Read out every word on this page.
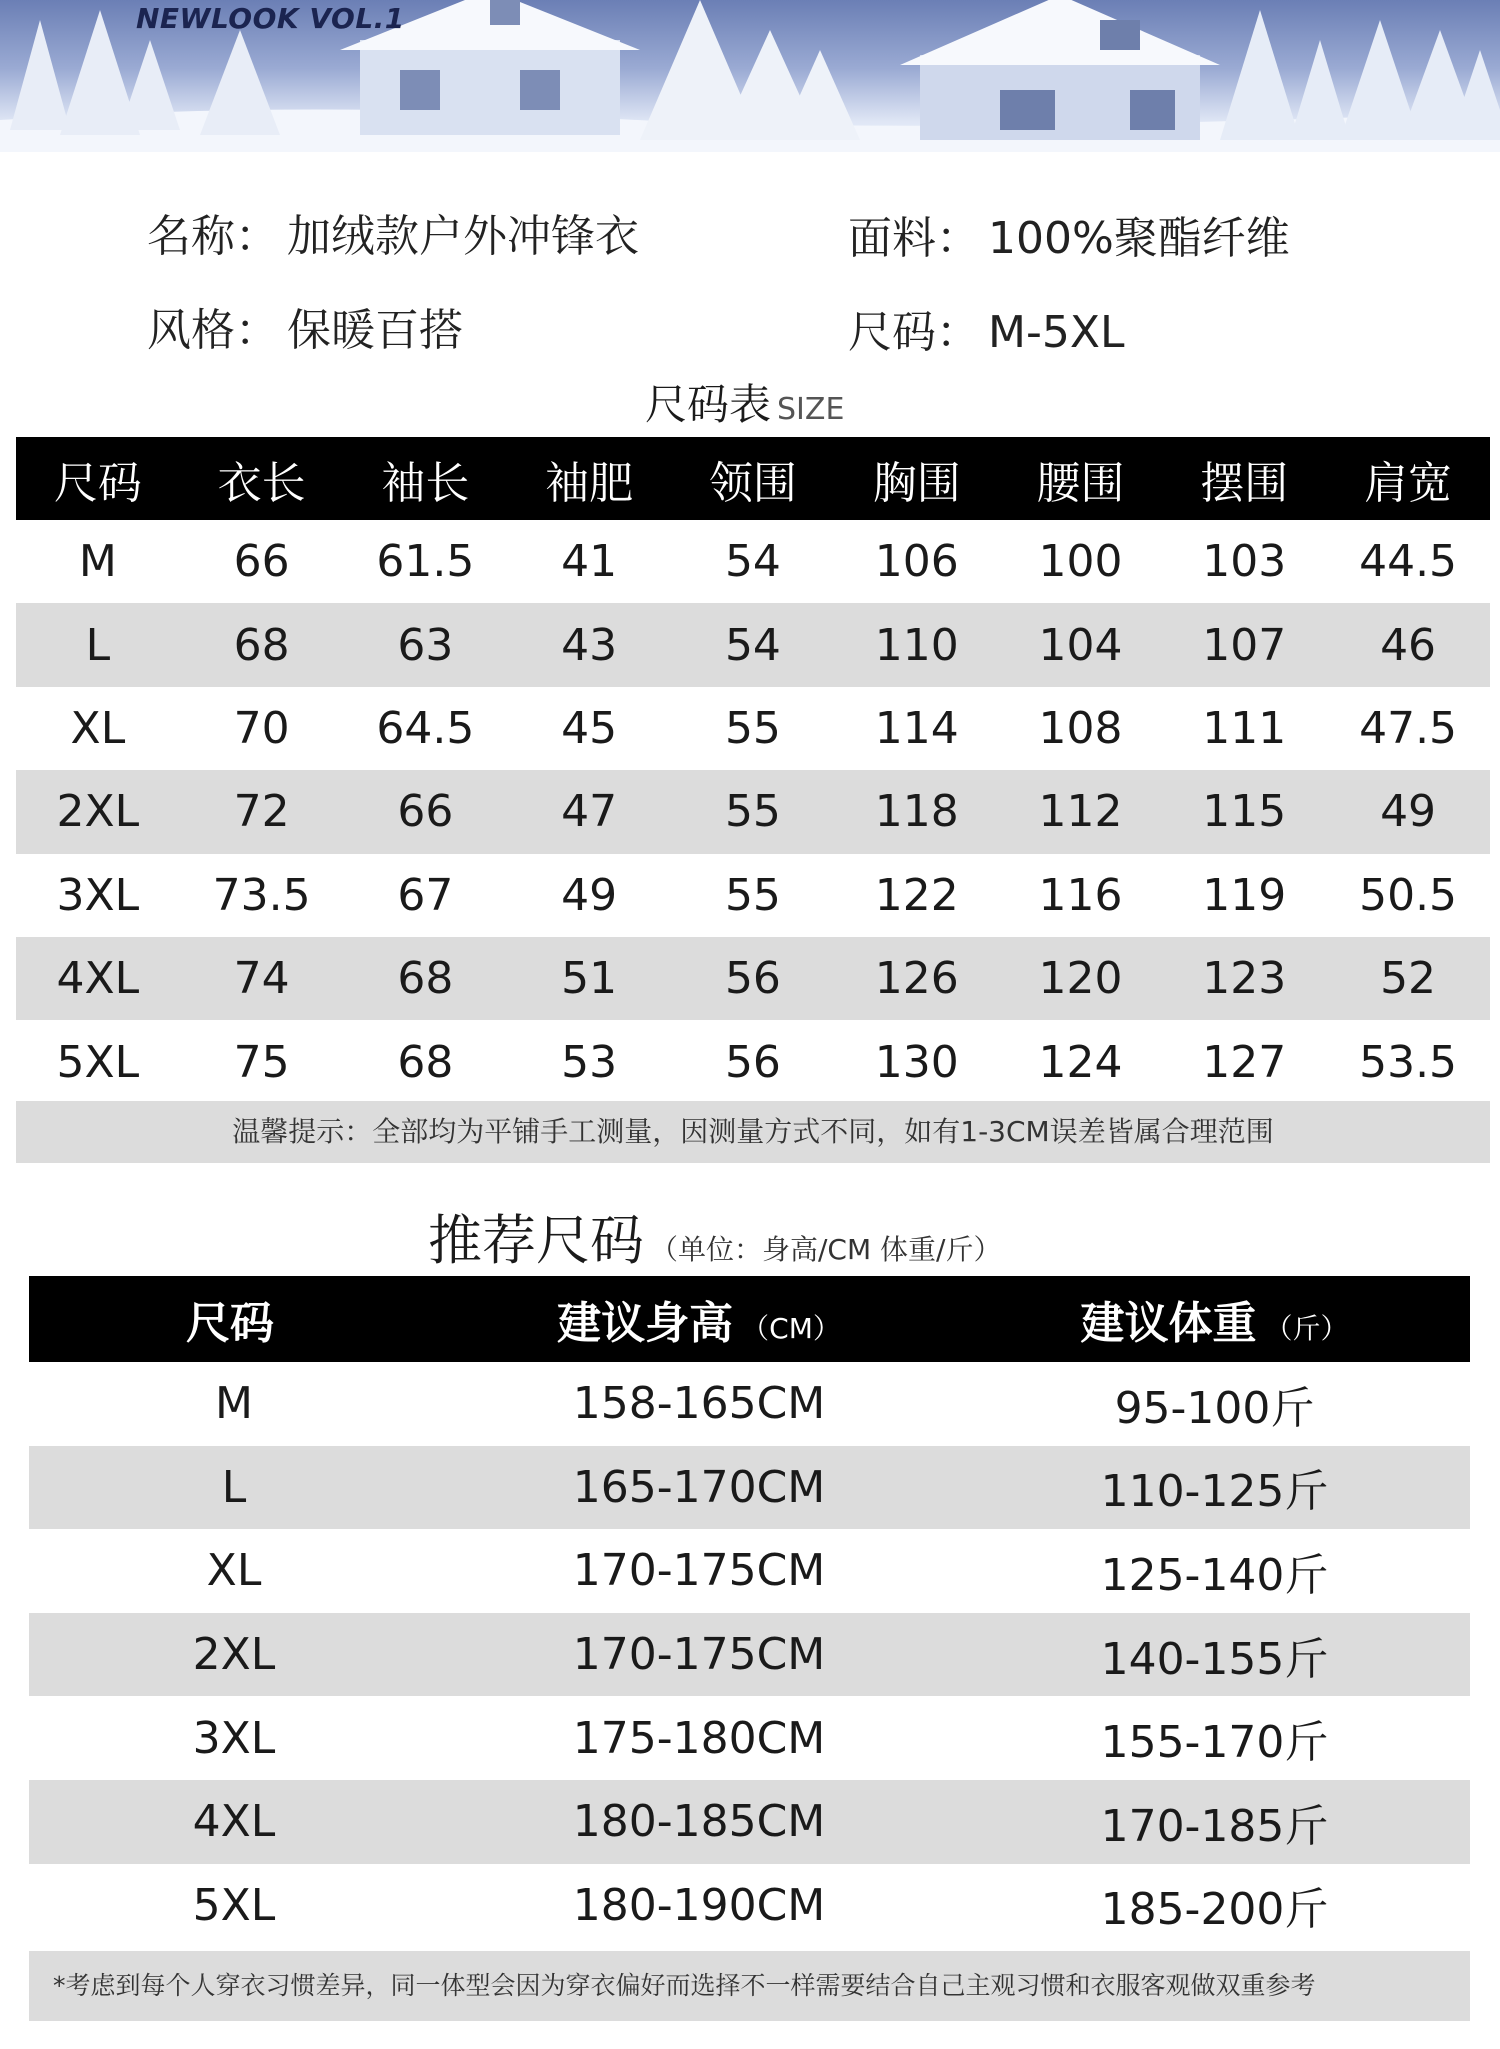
NEWLOOK VOL.1
名称： 加绒款户外冲锋衣	面料： 100%聚酯纤维
风格： 保暖百搭	尺码： M-5XL
尺码表 SIZE
尺码	衣长	袖长	袖肥	领围	胸围	腰围	摆围	肩宽
M	66	61.5	41	54	106	100	103	44.5
L	68	63	43	54	110	104	107	46
XL	70	64.5	45	55	114	108	111	47.5
2XL	72	66	47	55	118	112	115	49
3XL	73.5	67	49	55	122	116	119	50.5
4XL	74	68	51	56	126	120	123	52
5XL	75	68	53	56	130	124	127	53.5
温馨提示：全部均为平铺手工测量，因测量方式不同，如有1-3CM误差皆属合理范围
推荐尺码 （单位：身高/CM 体重/斤）
尺码	建议身高 （CM）	建议体重 （斤）
M	158-165CM	95-100斤
L	165-170CM	110-125斤
XL	170-175CM	125-140斤
2XL	170-175CM	140-155斤
3XL	175-180CM	155-170斤
4XL	180-185CM	170-185斤
5XL	180-190CM	185-200斤
*考虑到每个人穿衣习惯差异，同一体型会因为穿衣偏好而选择不一样需要结合自己主观习惯和衣服客观做双重参考
